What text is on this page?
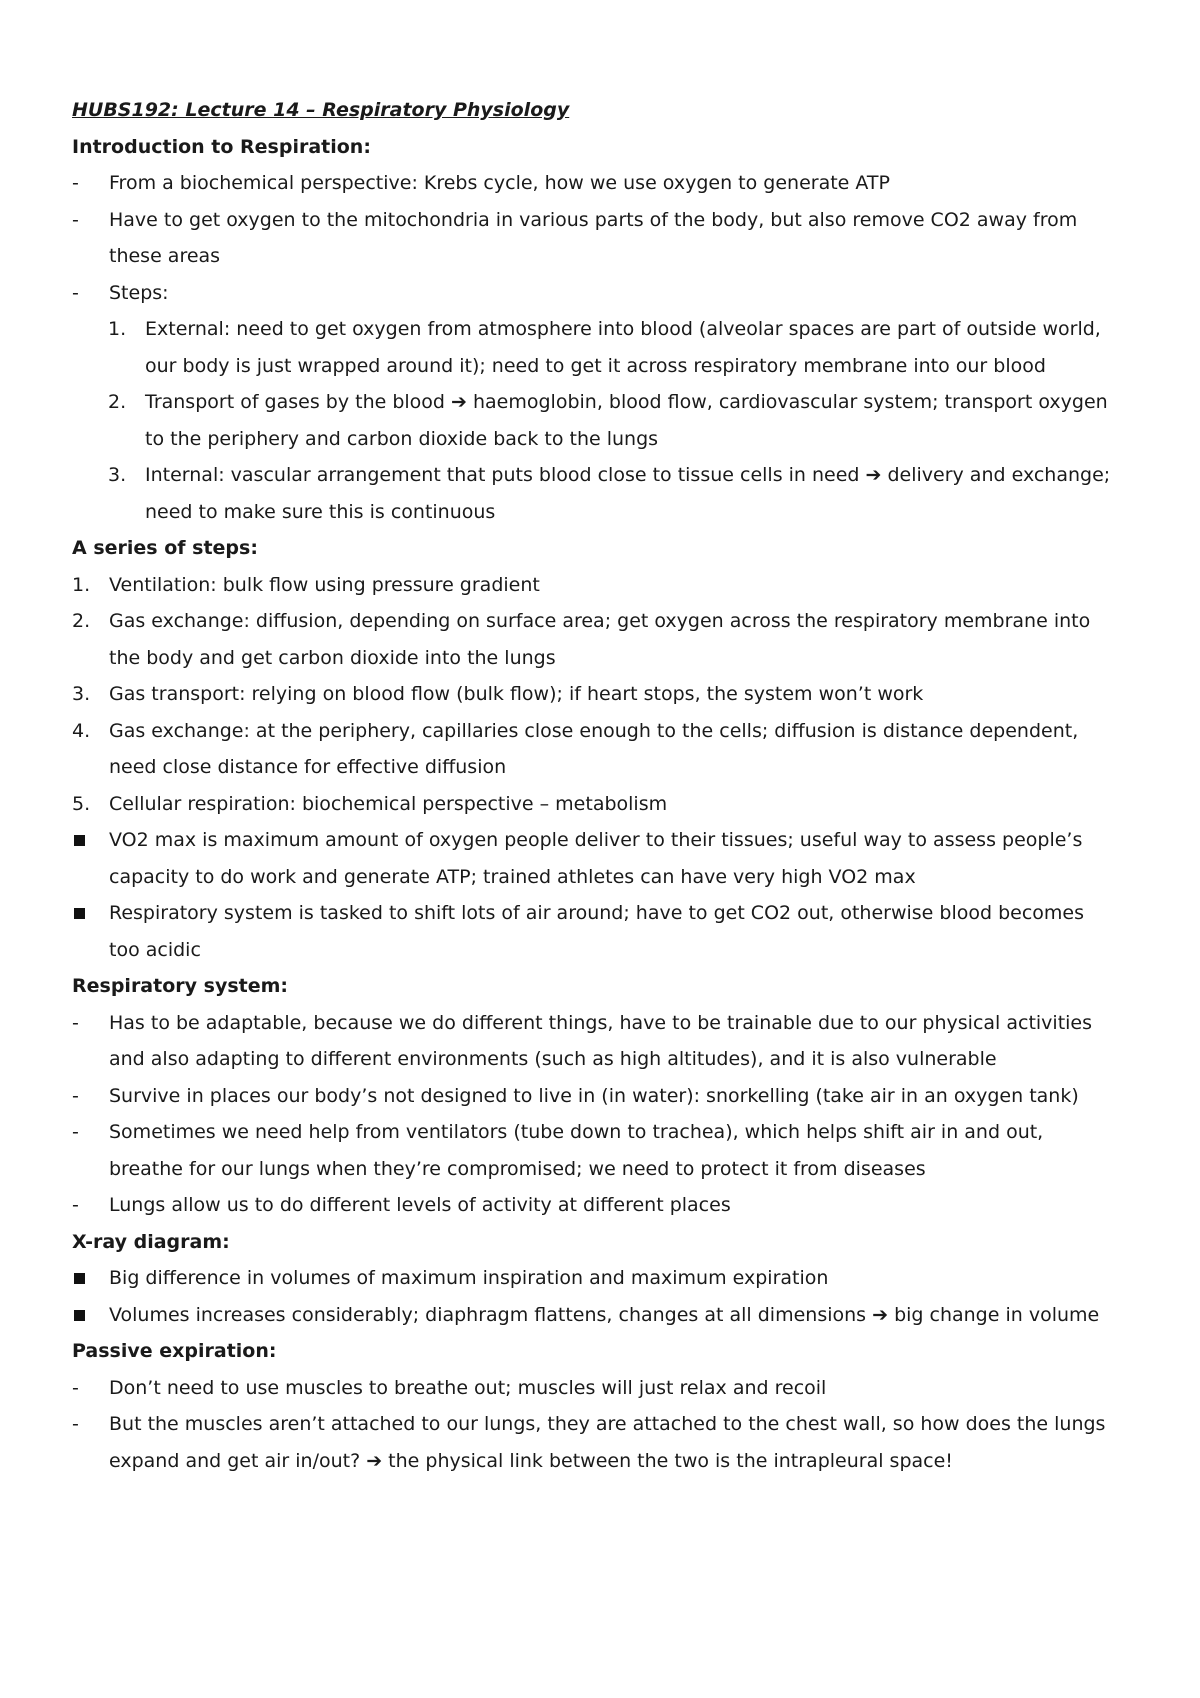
HUBS192: Lecture 14 – Respiratory Physiology
Introduction to Respiration:
-	From a biochemical perspective: Krebs cycle, how we use oxygen to generate ATP
-	Have to get oxygen to the mitochondria in various parts of the body, but also remove CO2 away from these areas
-	Steps:
1. External: need to get oxygen from atmosphere into blood (alveolar spaces are part of outside world, our body is just wrapped around it); need to get it across respiratory membrane into our blood
2. Transport of gases by the blood ➔ haemoglobin, blood flow, cardiovascular system; transport oxygen to the periphery and carbon dioxide back to the lungs
3. Internal: vascular arrangement that puts blood close to tissue cells in need ➔ delivery and exchange; need to make sure this is continuous
A series of steps:
1. Ventilation: bulk flow using pressure gradient
2. Gas exchange: diffusion, depending on surface area; get oxygen across the respiratory membrane into the body and get carbon dioxide into the lungs
3. Gas transport: relying on blood flow (bulk flow); if heart stops, the system won’t work
4. Gas exchange: at the periphery, capillaries close enough to the cells; diffusion is distance dependent, need close distance for effective diffusion
5. Cellular respiration: biochemical perspective – metabolism
VO2 max is maximum amount of oxygen people deliver to their tissues; useful way to assess people’s capacity to do work and generate ATP; trained athletes can have very high VO2 max
Respiratory system is tasked to shift lots of air around; have to get CO2 out, otherwise blood becomes too acidic
Respiratory system:
-	Has to be adaptable, because we do different things, have to be trainable due to our physical activities and also adapting to different environments (such as high altitudes), and it is also vulnerable
-	Survive in places our body’s not designed to live in (in water): snorkelling (take air in an oxygen tank)
-	Sometimes we need help from ventilators (tube down to trachea), which helps shift air in and out, breathe for our lungs when they’re compromised; we need to protect it from diseases
-	Lungs allow us to do different levels of activity at different places
X-ray diagram:
Big difference in volumes of maximum inspiration and maximum expiration
Volumes increases considerably; diaphragm flattens, changes at all dimensions ➔ big change in volume
Passive expiration:
-	Don’t need to use muscles to breathe out; muscles will just relax and recoil
-	But the muscles aren’t attached to our lungs, they are attached to the chest wall, so how does the lungs expand and get air in/out? ➔ the physical link between the two is the intrapleural space!
